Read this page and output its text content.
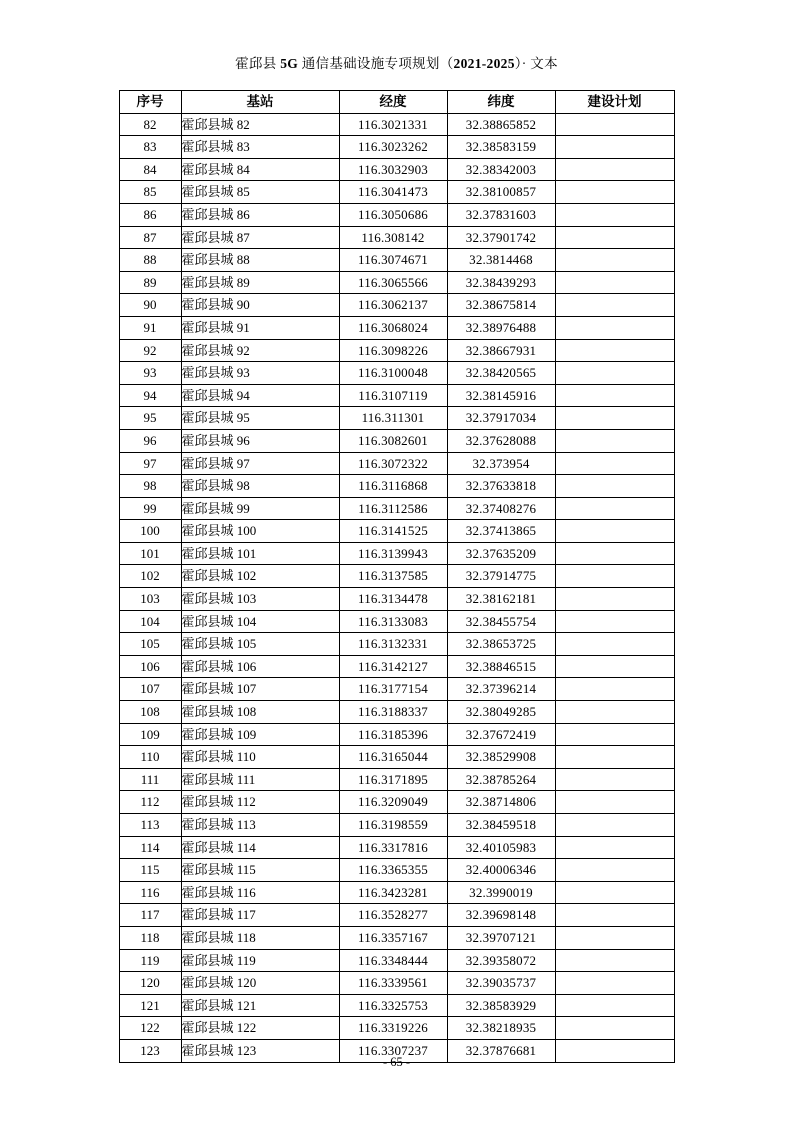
霍邱县 5G 通信基础设施专项规划（2021-2025）· 文本
序号	基站	经度	纬度	建设计划
82	霍邱县城 82	116.3021331	32.38865852	
83	霍邱县城 83	116.3023262	32.38583159	
84	霍邱县城 84	116.3032903	32.38342003	
85	霍邱县城 85	116.3041473	32.38100857	
86	霍邱县城 86	116.3050686	32.37831603	
87	霍邱县城 87	116.308142	32.37901742	
88	霍邱县城 88	116.3074671	32.3814468	
89	霍邱县城 89	116.3065566	32.38439293	
90	霍邱县城 90	116.3062137	32.38675814	
91	霍邱县城 91	116.3068024	32.38976488	
92	霍邱县城 92	116.3098226	32.38667931	
93	霍邱县城 93	116.3100048	32.38420565	
94	霍邱县城 94	116.3107119	32.38145916	
95	霍邱县城 95	116.311301	32.37917034	
96	霍邱县城 96	116.3082601	32.37628088	
97	霍邱县城 97	116.3072322	32.373954	
98	霍邱县城 98	116.3116868	32.37633818	
99	霍邱县城 99	116.3112586	32.37408276	
100	霍邱县城 100	116.3141525	32.37413865	
101	霍邱县城 101	116.3139943	32.37635209	
102	霍邱县城 102	116.3137585	32.37914775	
103	霍邱县城 103	116.3134478	32.38162181	
104	霍邱县城 104	116.3133083	32.38455754	
105	霍邱县城 105	116.3132331	32.38653725	
106	霍邱县城 106	116.3142127	32.38846515	
107	霍邱县城 107	116.3177154	32.37396214	
108	霍邱县城 108	116.3188337	32.38049285	
109	霍邱县城 109	116.3185396	32.37672419	
110	霍邱县城 110	116.3165044	32.38529908	
111	霍邱县城 111	116.3171895	32.38785264	
112	霍邱县城 112	116.3209049	32.38714806	
113	霍邱县城 113	116.3198559	32.38459518	
114	霍邱县城 114	116.3317816	32.40105983	
115	霍邱县城 115	116.3365355	32.40006346	
116	霍邱县城 116	116.3423281	32.3990019	
117	霍邱县城 117	116.3528277	32.39698148	
118	霍邱县城 118	116.3357167	32.39707121	
119	霍邱县城 119	116.3348444	32.39358072	
120	霍邱县城 120	116.3339561	32.39035737	
121	霍邱县城 121	116.3325753	32.38583929	
122	霍邱县城 122	116.3319226	32.38218935	
123	霍邱县城 123	116.3307237	32.37876681	
- 65 -
